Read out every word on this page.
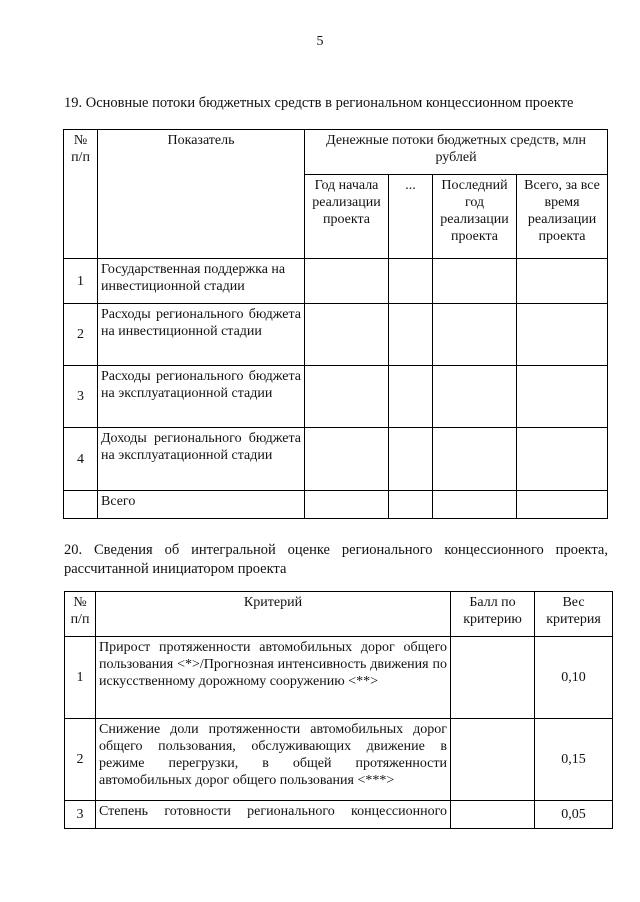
5
19. Основные потоки бюджетных средств в региональном концессионном проекте
№ п/п	Показатель	Денежные потоки бюджетных средств, млн рублей			
		Год начала реализации проекта	...	Последний год реализации проекта	Всего, за все время реализации проекта
1	Государственная поддержка на инвестиционной стадии				

2	Расходы регионального бюджета на инвестиционной стадии				
3	Расходы регионального бюджета на эксплуатационной стадии				
4	Доходы регионального бюджета на эксплуатационной стадии				
	Всего				
20. Сведения об интегральной оценке регионального концессионного проекта, рассчитанной инициатором проекта
№ п/п	Критерий	Балл по критерию	Вес критерия
1	Прирост протяженности автомобильных дорог общего пользования <*>/Прогнозная интенсивность движения по искусственному дорожному сооружению <**>		0,10
2	Снижение доли протяженности автомобильных дорог общего пользования, обслуживающих движение в режиме перегрузки, в общей протяженности автомобильных дорог общего пользования <***>		0,15
3	Степень готовности регионального концессионного		0,05
